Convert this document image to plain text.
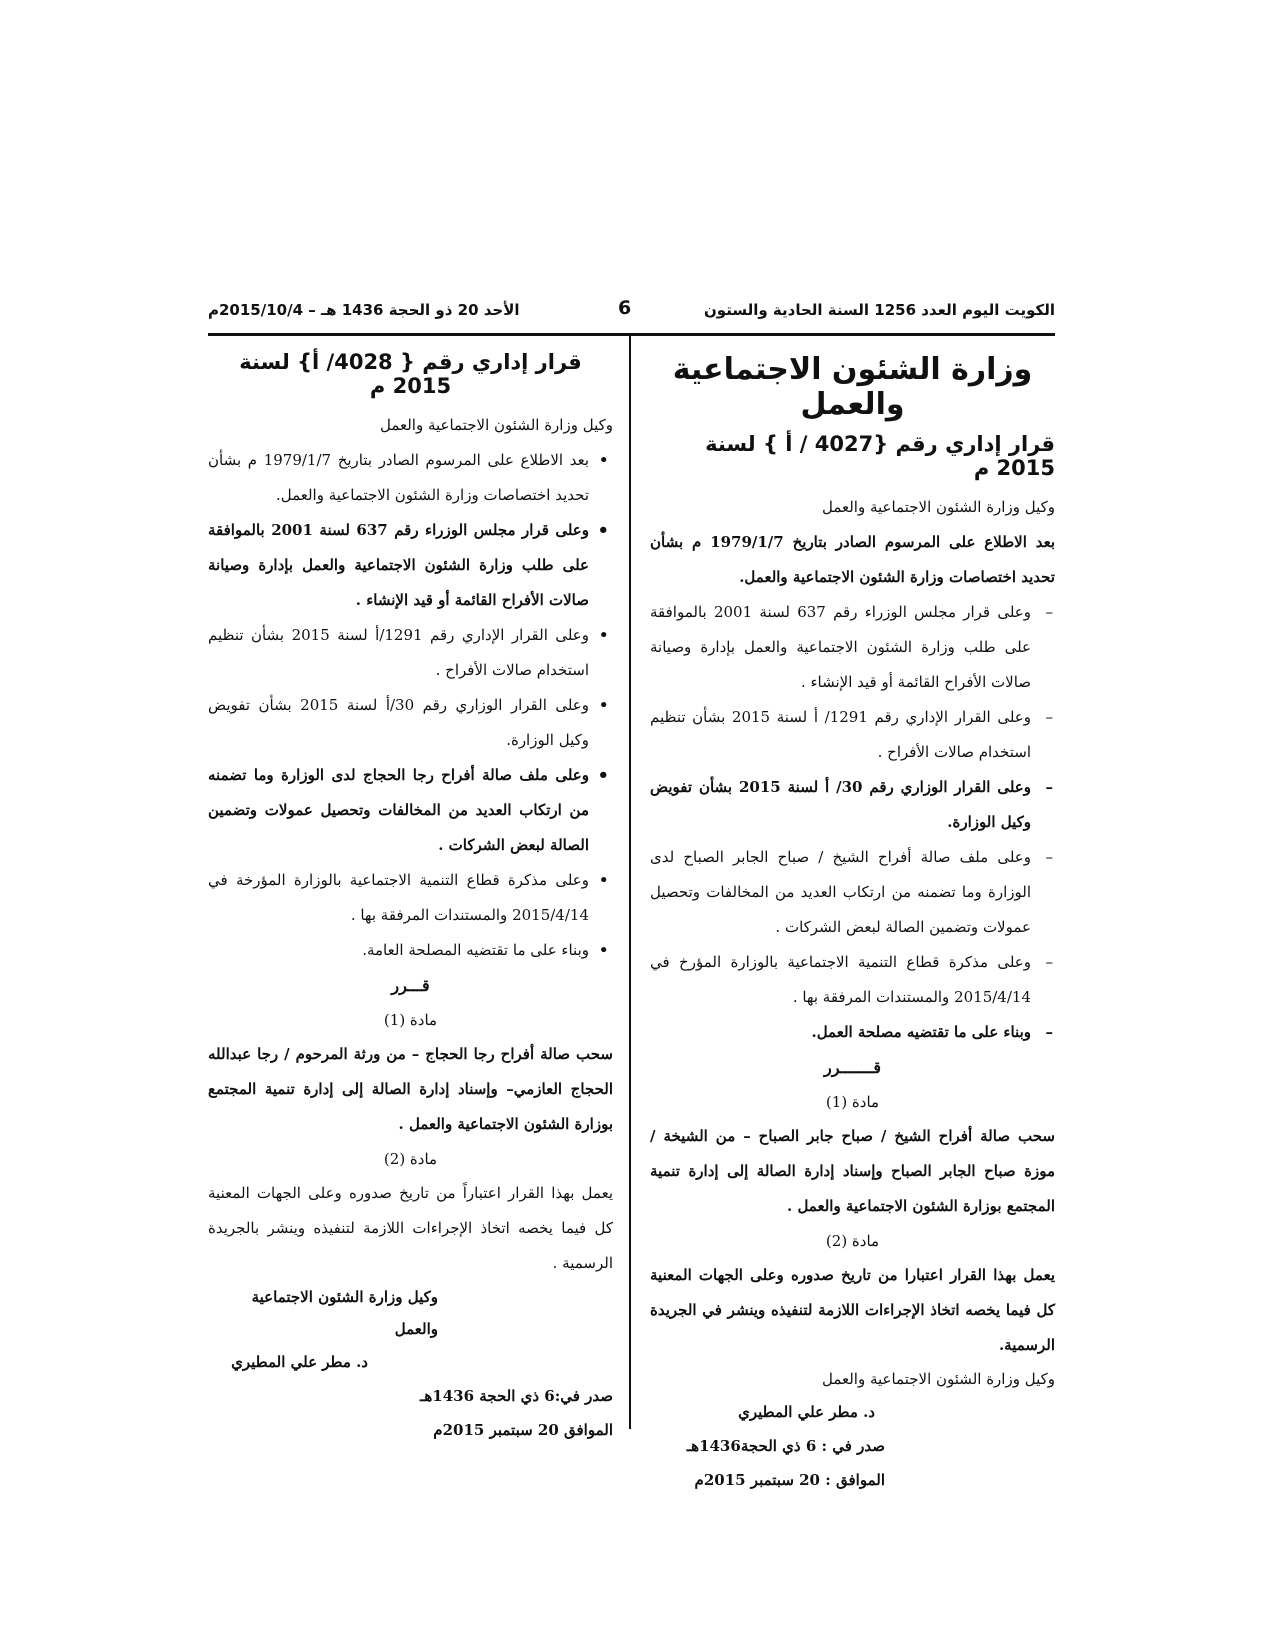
الكويت اليوم العدد 1256 السنة الحادية والستون
6
الأحد 20 ذو الحجة 1436 هـ – 2015/10/4م
وزارة الشئون الاجتماعية والعمل
قرار إداري رقم {4027 / أ } لسنة 2015 م

وكيل وزارة الشئون الاجتماعية والعمل

بعد الاطلاع على المرسوم الصادر بتاريخ 1979/1/7 م بشأن تحديد اختصاصات وزارة الشئون الاجتماعية والعمل.

– وعلى قرار مجلس الوزراء رقم 637 لسنة 2001 بالموافقة على طلب وزارة الشئون الاجتماعية والعمل بإدارة وصيانة صالات الأفراح القائمة أو قيد الإنشاء .
– وعلى القرار الإداري رقم 1291/ أ لسنة 2015 بشأن تنظيم استخدام صالات الأفراح .
– وعلى القرار الوزاري رقم 30/ أ لسنة 2015 بشأن تفويض وكيل الوزارة.
– وعلى ملف صالة أفراح الشيخ / صباح الجابر الصباح لدى الوزارة وما تضمنه من ارتكاب العديد من المخالفات وتحصيل عمولات وتضمين الصالة لبعض الشركات .
– وعلى مذكرة قطاع التنمية الاجتماعية بالوزارة المؤرخ في 2015/4/14 والمستندات المرفقة بها .
– وبناء على ما تقتضيه مصلحة العمل.
قـــــــرر
مادة (1)

سحب صالة أفراح الشيخ / صباح جابر الصباح – من الشيخة / موزة صباح الجابر الصباح وإسناد إدارة الصالة إلى إدارة تنمية المجتمع بوزارة الشئون الاجتماعية والعمل .

مادة (2)

يعمل بهذا القرار اعتبارا من تاريخ صدوره وعلى الجهات المعنية كل فيما يخصه اتخاذ الإجراءات اللازمة لتنفيذه وينشر في الجريدة الرسمية.

وكيل وزارة الشئون الاجتماعية والعمل
د. مطر علي المطيري
صدر في : 6 ذي الحجة1436هـ
الموافق : 20 سبتمبر 2015م
قرار إداري رقم { 4028/ أ} لسنة 2015 م

وكيل وزارة الشئون الاجتماعية والعمل

• بعد الاطلاع على المرسوم الصادر بتاريخ 1979/1/7 م بشأن تحديد اختصاصات وزارة الشئون الاجتماعية والعمل.
• وعلى قرار مجلس الوزراء رقم 637 لسنة 2001 بالموافقة على طلب وزارة الشئون الاجتماعية والعمل بإدارة وصيانة صالات الأفراح القائمة أو قيد الإنشاء .
• وعلى القرار الإداري رقم 1291/أ لسنة 2015 بشأن تنظيم استخدام صالات الأفراح .
• وعلى القرار الوزاري رقم 30/أ لسنة 2015 بشأن تفويض وكيل الوزارة.
• وعلى ملف صالة أفراح رجا الحجاج لدى الوزارة وما تضمنه من ارتكاب العديد من المخالفات وتحصيل عمولات وتضمين الصالة لبعض الشركات .
• وعلى مذكرة قطاع التنمية الاجتماعية بالوزارة المؤرخة في 2015/4/14 والمستندات المرفقة بها .
• وبناء على ما تقتضيه المصلحة العامة.
قـــرر
مادة (1)

سحب صالة أفراح رجا الحجاج – من ورثة المرحوم / رجا عبدالله الحجاج العازمي– وإسناد إدارة الصالة إلى إدارة تنمية المجتمع بوزارة الشئون الاجتماعية والعمل .

مادة (2)

يعمل بهذا القرار اعتباراً من تاريخ صدوره وعلى الجهات المعنية كل فيما يخصه اتخاذ الإجراءات اللازمة لتنفيذه وينشر بالجريدة الرسمية .

وكيل وزارة الشئون الاجتماعية والعمل
د. مطر علي المطيري
صدر في:6 ذي الحجة 1436هـ
الموافق 20 سبتمبر 2015م
